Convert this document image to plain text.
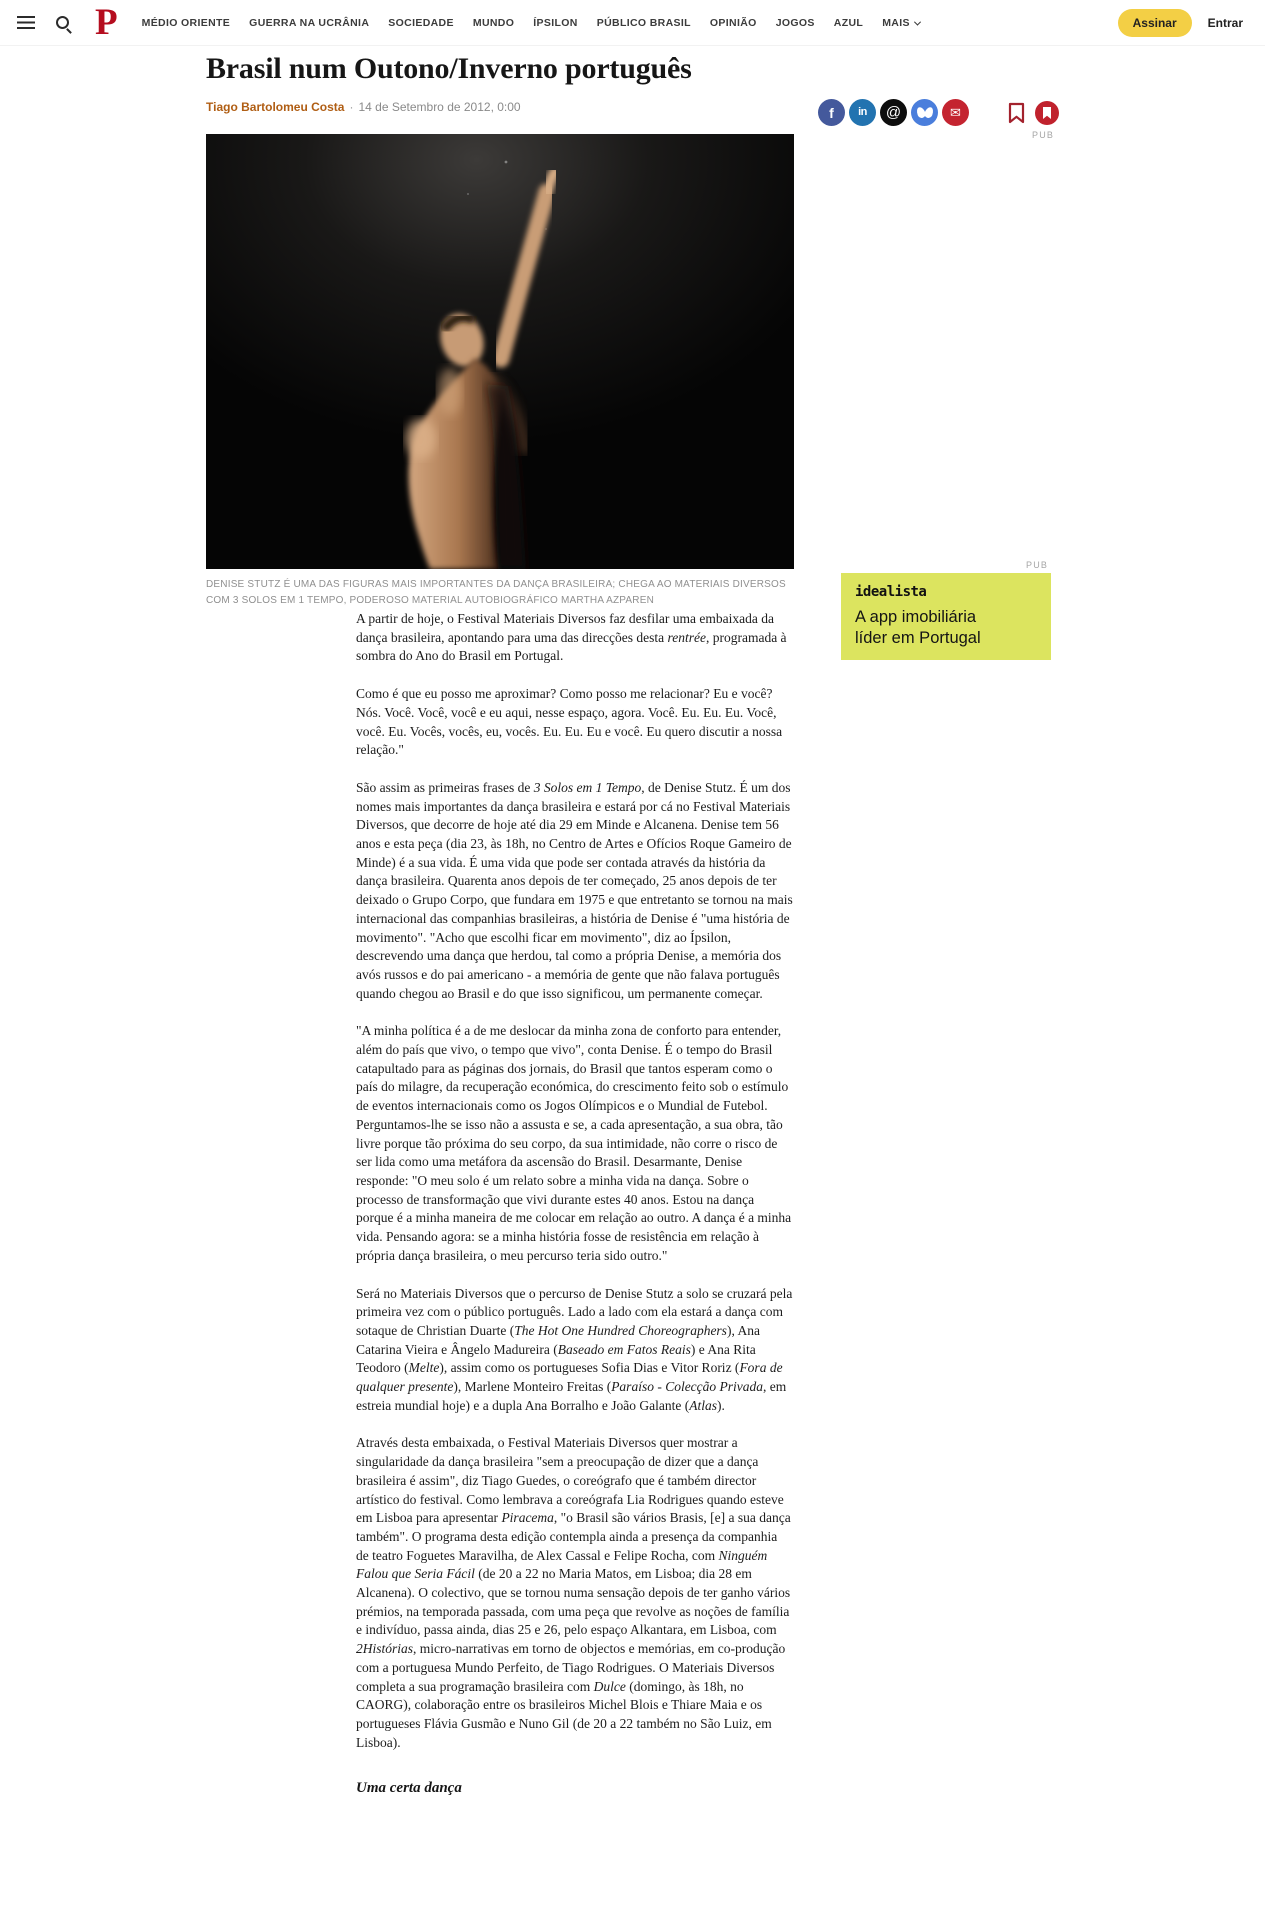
P MÉDIO ORIENTE GUERRA NA UCRÂNIA SOCIEDADE MUNDO ÍPSILON PÚBLICO BRASIL OPINIÃO JOGOS AZUL MAIS	Assinar	Entrar
Brasil num Outono/Inverno português
Tiago Bartolomeu Costa · 14 de Setembro de 2012, 0:00	f in @	✉
PUB
DENISE STUTZ É UMA DAS FIGURAS MAIS IMPORTANTES DA DANÇA BRASILEIRA; CHEGA AO MATERIAIS DIVERSOS COM 3 SOLOS EM 1 TEMPO, PODEROSO MATERIAL AUTOBIOGRÁFICO MARTHA AZPAREN

A partir de hoje, o Festival Materiais Diversos faz desfilar uma embaixada da dança brasileira, apontando para uma das direcções desta rentrée, programada à sombra do Ano do Brasil em Portugal.

Como é que eu posso me aproximar? Como posso me relacionar? Eu e você? Nós. Você. Você, você e eu aqui, nesse espaço, agora. Você. Eu. Eu. Eu. Você, você. Eu. Vocês, vocês, eu, vocês. Eu. Eu. Eu e você. Eu quero discutir a nossa relação."

São assim as primeiras frases de 3 Solos em 1 Tempo, de Denise Stutz. É um dos nomes mais importantes da dança brasileira e estará por cá no Festival Materiais Diversos, que decorre de hoje até dia 29 em Minde e Alcanena. Denise tem 56 anos e esta peça (dia 23, às 18h, no Centro de Artes e Ofícios Roque Gameiro de Minde) é a sua vida. É uma vida que pode ser contada através da história da dança brasileira. Quarenta anos depois de ter começado, 25 anos depois de ter deixado o Grupo Corpo, que fundara em 1975 e que entretanto se tornou na mais internacional das companhias brasileiras, a história de Denise é "uma história de movimento". "Acho que escolhi ficar em movimento", diz ao Ípsilon, descrevendo uma dança que herdou, tal como a própria Denise, a memória dos avós russos e do pai americano - a memória de gente que não falava português quando chegou ao Brasil e do que isso significou, um permanente começar.

"A minha política é a de me deslocar da minha zona de conforto para entender, além do país que vivo, o tempo que vivo", conta Denise. É o tempo do Brasil catapultado para as páginas dos jornais, do Brasil que tantos esperam como o país do milagre, da recuperação económica, do crescimento feito sob o estímulo de eventos internacionais como os Jogos Olímpicos e o Mundial de Futebol. Perguntamos-lhe se isso não a assusta e se, a cada apresentação, a sua obra, tão livre porque tão próxima do seu corpo, da sua intimidade, não corre o risco de ser lida como uma metáfora da ascensão do Brasil. Desarmante, Denise responde: "O meu solo é um relato sobre a minha vida na dança. Sobre o processo de transformação que vivi durante estes 40 anos. Estou na dança porque é a minha maneira de me colocar em relação ao outro. A dança é a minha vida. Pensando agora: se a minha história fosse de resistência em relação à própria dança brasileira, o meu percurso teria sido outro."

Será no Materiais Diversos que o percurso de Denise Stutz a solo se cruzará pela primeira vez com o público português. Lado a lado com ela estará a dança com sotaque de Christian Duarte (The Hot One Hundred Choreographers), Ana Catarina Vieira e Ângelo Madureira (Baseado em Fatos Reais) e Ana Rita Teodoro (Melte), assim como os portugueses Sofia Dias e Vitor Roriz (Fora de qualquer presente), Marlene Monteiro Freitas (Paraíso - Colecção Privada, em estreia mundial hoje) e a dupla Ana Borralho e João Galante (Atlas).

Através desta embaixada, o Festival Materiais Diversos quer mostrar a singularidade da dança brasileira "sem a preocupação de dizer que a dança brasileira é assim", diz Tiago Guedes, o coreógrafo que é também director artístico do festival. Como lembrava a coreógrafa Lia Rodrigues quando esteve em Lisboa para apresentar Piracema, "o Brasil são vários Brasis, [e] a sua dança também". O programa desta edição contempla ainda a presença da companhia de teatro Foguetes Maravilha, de Alex Cassal e Felipe Rocha, com Ninguém Falou que Seria Fácil (de 20 a 22 no Maria Matos, em Lisboa; dia 28 em Alcanena). O colectivo, que se tornou numa sensação depois de ter ganho vários prémios, na temporada passada, com uma peça que revolve as noções de família e indivíduo, passa ainda, dias 25 e 26, pelo espaço Alkantara, em Lisboa, com 2Histórias, micro-narrativas em torno de objectos e memórias, em co-produção com a portuguesa Mundo Perfeito, de Tiago Rodrigues. O Materiais Diversos completa a sua programação brasileira com Dulce (domingo, às 18h, no CAORG), colaboração entre os brasileiros Michel Blois e Thiare Maia e os portugueses Flávia Gusmão e Nuno Gil (de 20 a 22 também no São Luiz, em Lisboa).

Uma certa dança
PUB
idealista
A app imobiliária
líder em Portugal
